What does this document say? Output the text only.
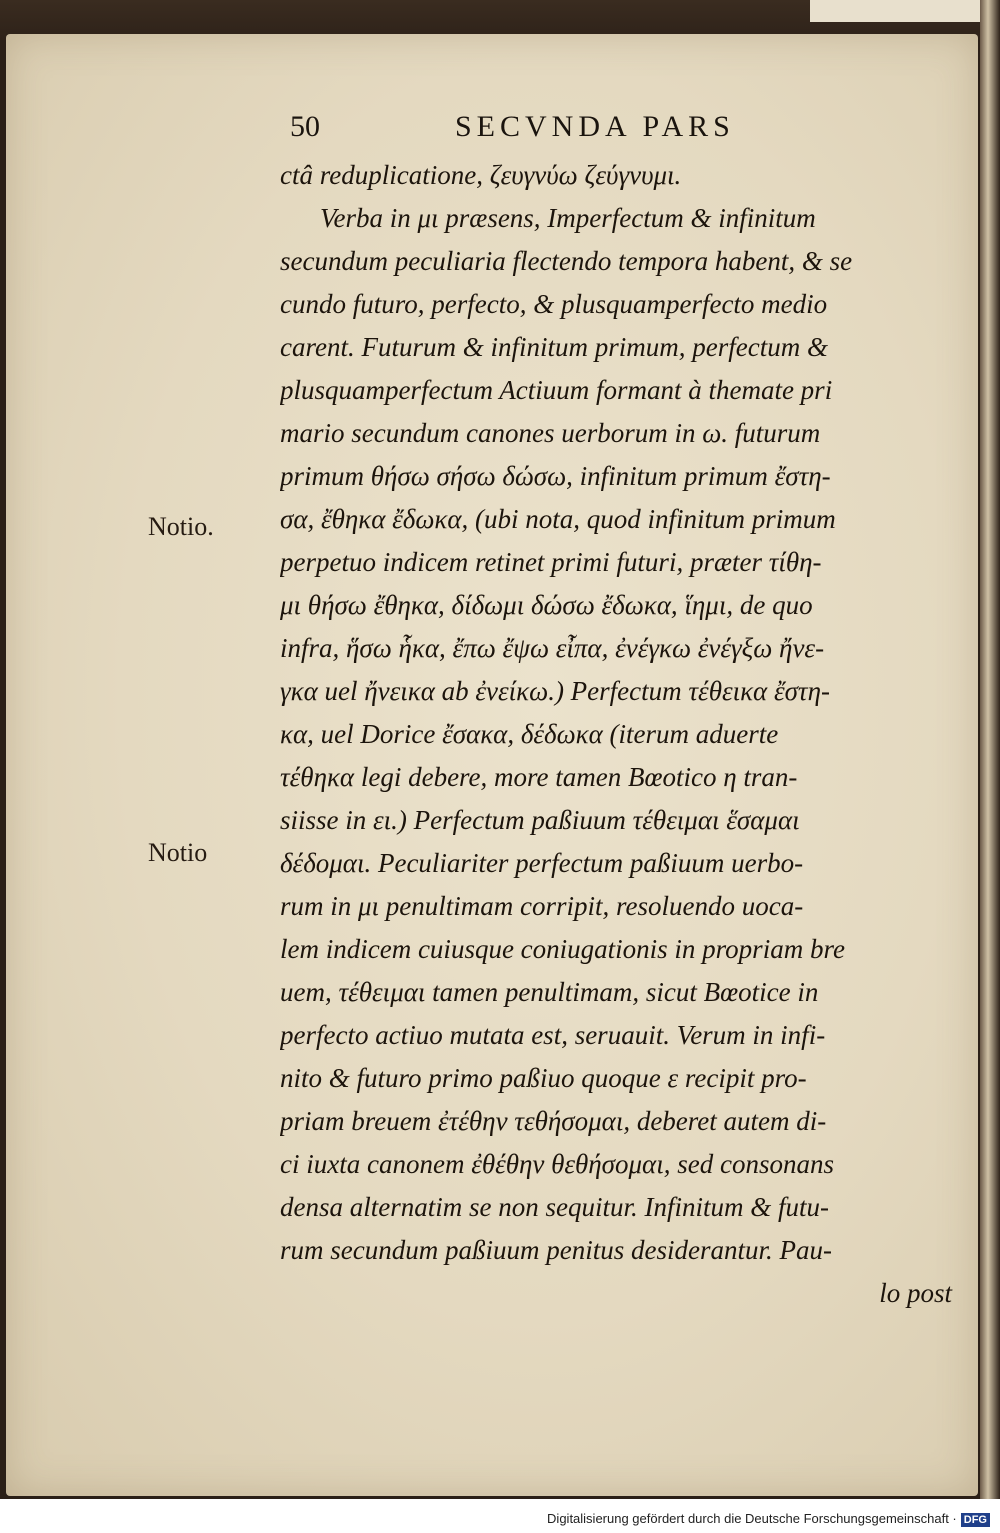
50	SECVNDA PARS
ctâ reduplicatione, ζευγνύω ζεύγνυμι.
Verba in μι præsens, Imperfectum & infinitum
secundum peculiaria flectendo tempora habent, & se
cundo futuro, perfecto, & plusquamperfecto medio
carent. Futurum & infinitum primum, perfectum &
plusquamperfectum Actiuum formant à themate pri
mario secundum canones uerborum in ω. futurum
primum θήσω σήσω δώσω, infinitum primum ἔστη-
σα, ἔθηκα ἔδωκα, (ubi nota, quod infinitum primum
perpetuo indicem retinet primi futuri, præter τίθη-
μι θήσω ἔθηκα, δίδωμι δώσω ἔδωκα, ἵημι, de quo
infra, ἥσω ἧκα, ἔπω ἔψω εἶπα, ἐνέγκω ἐνέγξω ἤνε-
γκα uel ἤνεικα ab ἐνείκω.) Perfectum τέθεικα ἔστη-
κα, uel Dorice ἔσακα, δέδωκα (iterum aduerte
τέθηκα legi debere, more tamen Bœotico η tran-
siisse in ει.) Perfectum paßiuum τέθειμαι ἕσαμαι
δέδομαι. Peculiariter perfectum paßiuum uerbo-
rum in μι penultimam corripit, resoluendo uoca-
lem indicem cuiusque coniugationis in propriam bre
uem, τέθειμαι tamen penultimam, sicut Bœotice in
perfecto actiuo mutata est, seruauit. Verum in infi-
nito & futuro primo paßiuo quoque ε recipit pro-
priam breuem ἐτέθην τεθήσομαι, deberet autem di-
ci iuxta canonem ἐθέθην θεθήσομαι, sed consonans
densa alternatim se non sequitur. Infinitum & futu-
rum secundum paßiuum penitus desiderantur. Pau-
lo post
Notio.
Notio
Digitalisierung gefördert durch die Deutsche Forschungsgemeinschaft · DFG
